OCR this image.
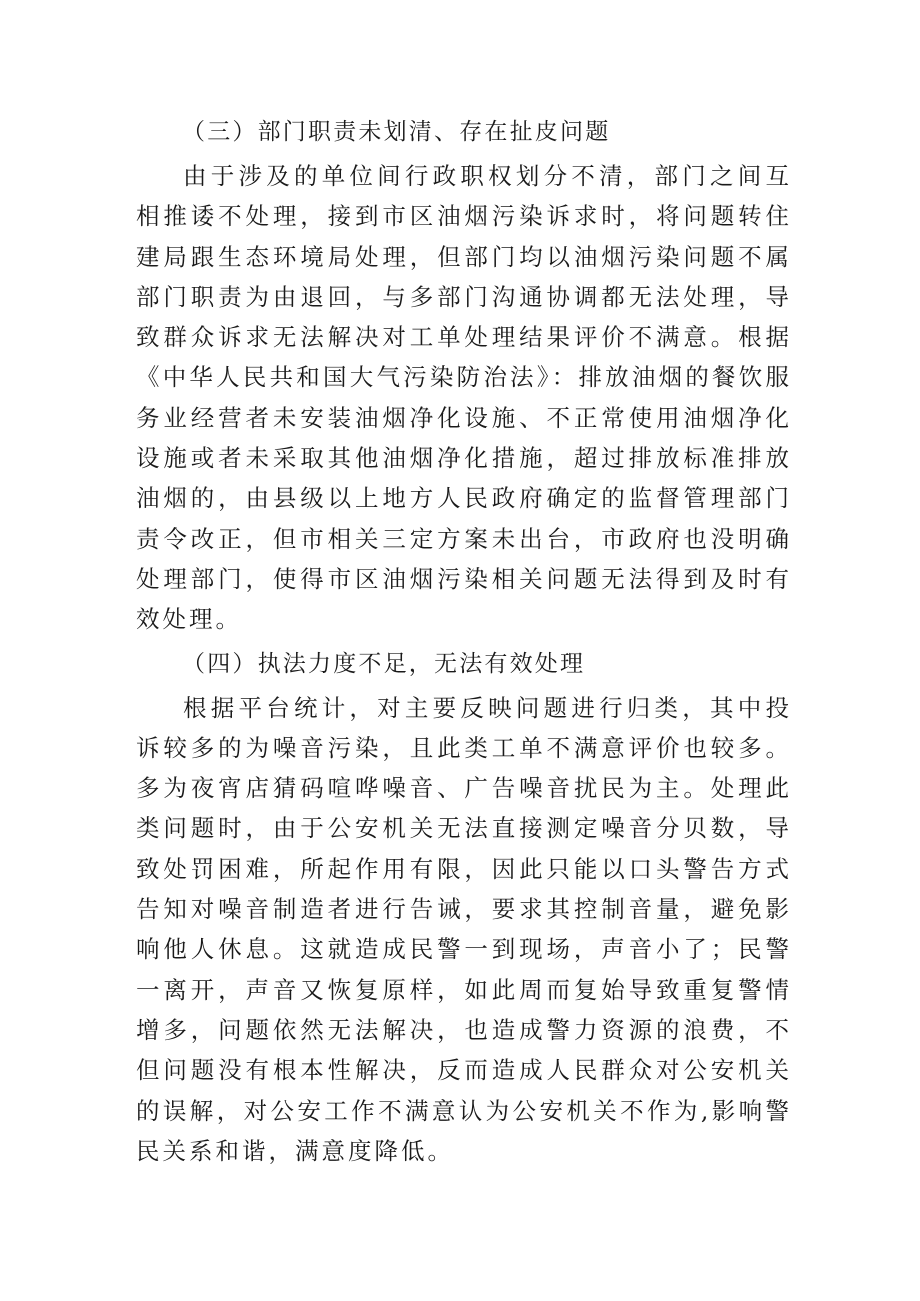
（三）部门职责未划清、存在扯皮问题

由于涉及的单位间行政职权划分不清，部门之间互相推诿不处理，接到市区油烟污染诉求时，将问题转住建局跟生态环境局处理，但部门均以油烟污染问题不属部门职责为由退回，与多部门沟通协调都无法处理，导致群众诉求无法解决对工单处理结果评价不满意。根据《中华人民共和国大气污染防治法》：排放油烟的餐饮服务业经营者未安装油烟净化设施、不正常使用油烟净化设施或者未采取其他油烟净化措施，超过排放标准排放油烟的，由县级以上地方人民政府确定的监督管理部门责令改正，但市相关三定方案未出台，市政府也没明确处理部门，使得市区油烟污染相关问题无法得到及时有效处理。

（四）执法力度不足，无法有效处理

根据平台统计，对主要反映问题进行归类，其中投诉较多的为噪音污染，且此类工单不满意评价也较多。多为夜宵店猜码喧哗噪音、广告噪音扰民为主。处理此类问题时，由于公安机关无法直接测定噪音分贝数，导致处罚困难，所起作用有限，因此只能以口头警告方式告知对噪音制造者进行告诫，要求其控制音量，避免影响他人休息。这就造成民警一到现场，声音小了；民警一离开，声音又恢复原样，如此周而复始导致重复警情增多，问题依然无法解决，也造成警力资源的浪费，不但问题没有根本性解决，反而造成人民群众对公安机关的误解，对公安工作不满意认为公安机关不作为,影响警民关系和谐，满意度降低。
